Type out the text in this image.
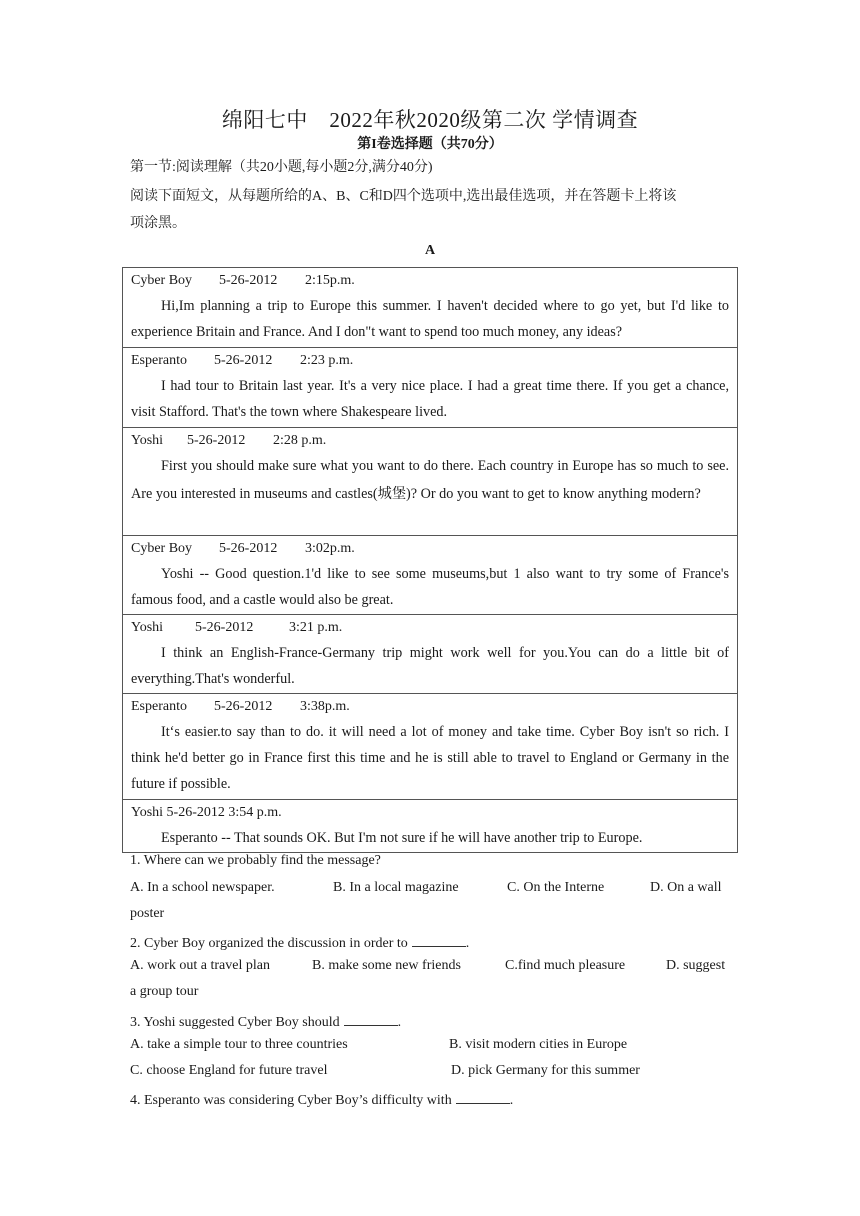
绵阳七中　2022年秋2020级第二次 学情调查
第I卷选择题（共70分）
第一节:阅读理解（共20小题,每小题2分,满分40分)
阅读下面短文，从每题所给的A、B、C和D四个选项中,选出最佳选项，并在答题卡上将该
项涂黑。
A
Cyber Boy 5-26-2012 2:15p.m.
Hi,Im planning a trip to Europe this summer. I haven't decided where to go yet, but I'd like to experience Britain and France. And I don"t want to spend too much money, any ideas?
Esperanto 5-26-2012 2:23 p.m.
I had tour to Britain last year. It's a very nice place. I had a great time there. If you get a chance, visit Stafford. That's the town where Shakespeare lived.
Yoshi 5-26-2012 2:28 p.m.
First you should make sure what you want to do there. Each country in Europe has so much to see. Are you interested in museums and castles(城堡)? Or do you want to get to know anything modern?
Cyber Boy 5-26-2012 3:02p.m.
Yoshi -- Good question.1'd like to see some museums,but 1 also want to try some of France's famous food, and a castle would also be great.
Yoshi 5-26-2012	3:21 p.m.
I think an English-France-Germany trip might work well for you.You can do a little bit of everything.That's wonderful.
Esperanto 5-26-2012 3:38p.m.
It‘s easier.to say than to do. it will need a lot of money and take time. Cyber Boy isn't so rich. I think he'd better go in France first this time and he is still able to travel to England or Germany in the future if possible.
Yoshi 5-26-2012 3:54 p.m.
Esperanto -- That sounds OK. But I'm not sure if he will have another trip to Europe.
1. Where can we probably find the message?
A. In a school newspaper.	B. In a local magazine	C. On the Interne	D. On a wall
poster
2. Cyber Boy organized the discussion in order to	.
A. work out a travel plan	B. make some new friends	C.find much pleasure	D. suggest
a group tour
3. Yoshi suggested Cyber Boy should	.
A. take a simple tour to three countries	B. visit modern cities in Europe
C. choose England for future travel	D. pick Germany for this summer
4. Esperanto was considering Cyber Boy’s difficulty with	.
